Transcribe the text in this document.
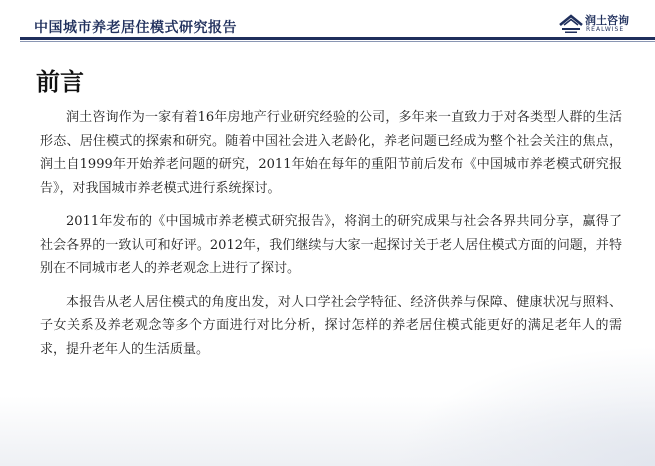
中国城市养老居住模式研究报告	润土咨询
REALWISE
前言

润土咨询作为一家有着16年房地产行业研究经验的公司，多年来一直致力于对各类型人群的生活形态、居住模式的探索和研究。随着中国社会进入老龄化，养老问题已经成为整个社会关注的焦点，润土自1999年开始养老问题的研究，2011年始在每年的重阳节前后发布《中国城市养老模式研究报告》，对我国城市养老模式进行系统探讨。

2011年发布的《中国城市养老模式研究报告》，将润土的研究成果与社会各界共同分享，赢得了社会各界的一致认可和好评。2012年，我们继续与大家一起探讨关于老人居住模式方面的问题，并特别在不同城市老人的养老观念上进行了探讨。

本报告从老人居住模式的角度出发，对人口学社会学特征、经济供养与保障、健康状况与照料、子女关系及养老观念等多个方面进行对比分析，探讨怎样的养老居住模式能更好的满足老年人的需求，提升老年人的生活质量。
